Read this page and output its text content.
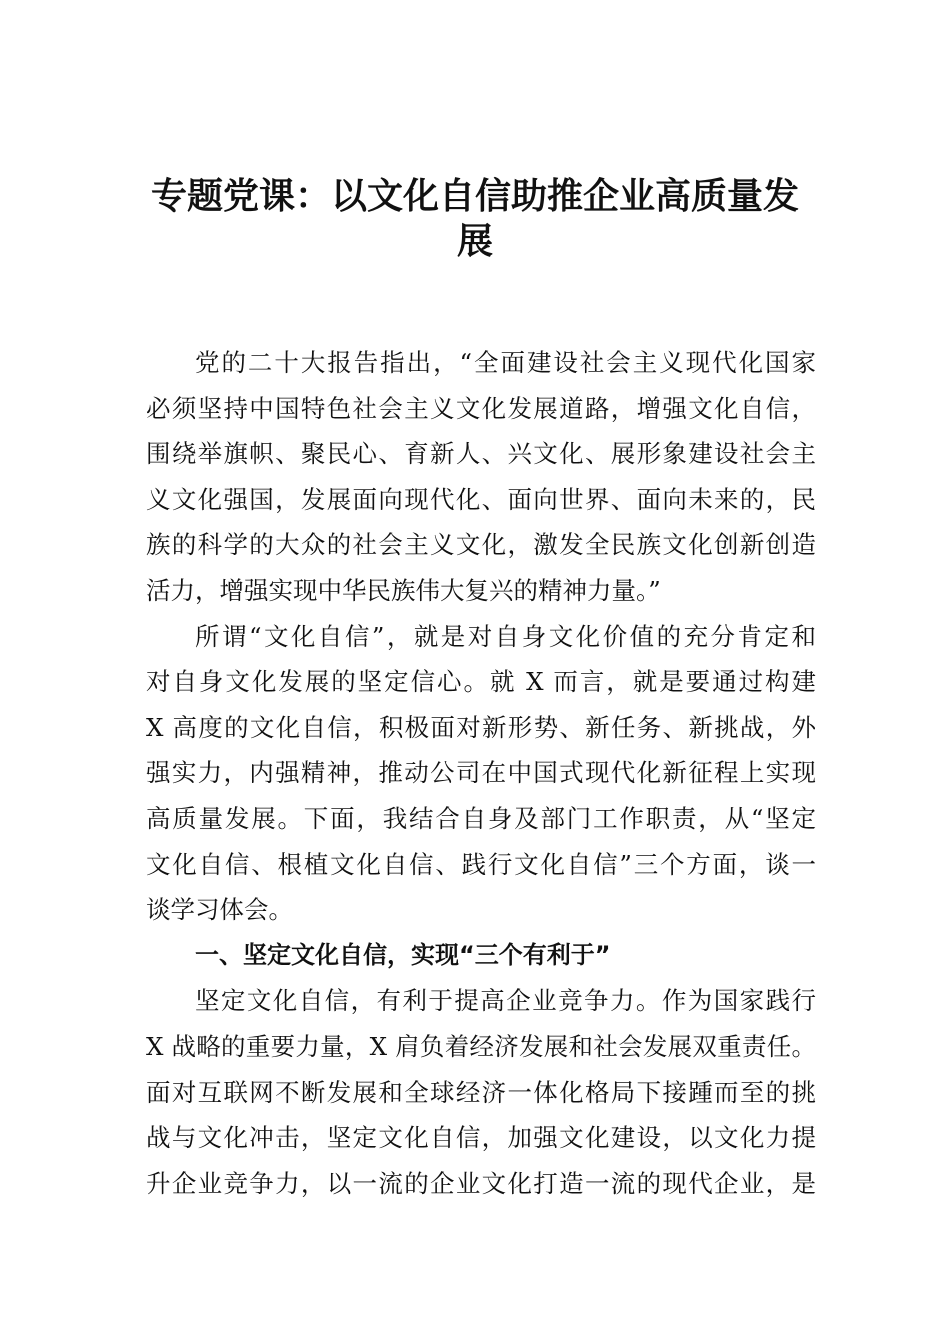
专题党课：以文化自信助推企业高质量发
展
党的二十大报告指出，“全面建设社会主义现代化国家
必须坚持中国特色社会主义文化发展道路，增强文化自信，
围绕举旗帜、聚民心、育新人、兴文化、展形象建设社会主
义文化强国，发展面向现代化、面向世界、面向未来的，民
族的科学的大众的社会主义文化，激发全民族文化创新创造
活力，增强实现中华民族伟大复兴的精神力量。”
所谓“文化自信”，就是对自身文化价值的充分肯定和
对自身文化发展的坚定信心。就 X 而言，就是要通过构建
X 高度的文化自信，积极面对新形势、新任务、新挑战，外
强实力，内强精神，推动公司在中国式现代化新征程上实现
高质量发展。下面，我结合自身及部门工作职责，从“坚定
文化自信、根植文化自信、践行文化自信”三个方面，谈一
谈学习体会。
一、坚定文化自信，实现“三个有利于”
坚定文化自信，有利于提高企业竞争力。作为国家践行
X 战略的重要力量，X 肩负着经济发展和社会发展双重责任。
面对互联网不断发展和全球经济一体化格局下接踵而至的挑
战与文化冲击，坚定文化自信，加强文化建设，以文化力提
升企业竞争力，以一流的企业文化打造一流的现代企业，是
